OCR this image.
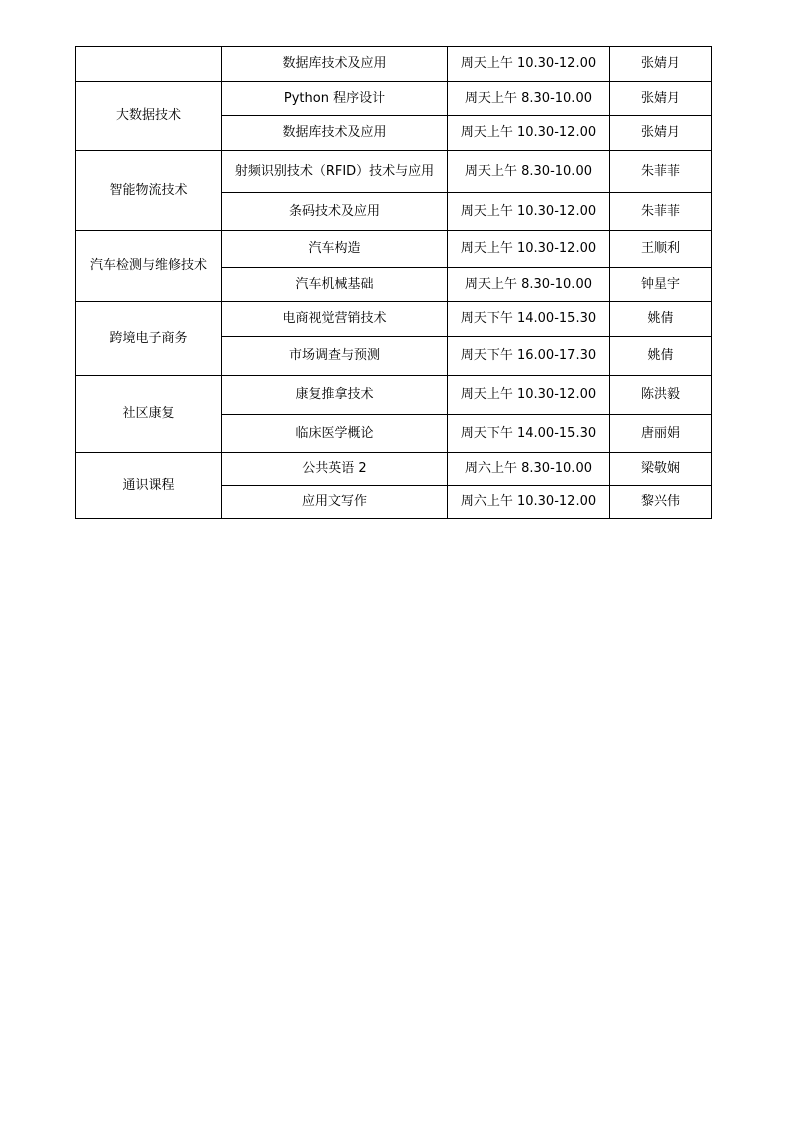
	数据库技术及应用	周天上午 10.30-12.00	张婧月
大数据技术	Python 程序设计	周天上午 8.30-10.00	张婧月
	数据库技术及应用	周天上午 10.30-12.00	张婧月
智能物流技术	射频识别技术（RFID）技术与应用	周天上午 8.30-10.00	朱菲菲
	条码技术及应用	周天上午 10.30-12.00	朱菲菲
汽车检测与维修技术	汽车构造	周天上午 10.30-12.00	王顺利
	汽车机械基础	周天上午 8.30-10.00	钟星宇
跨境电子商务	电商视觉营销技术	周天下午 14.00-15.30	姚倩
	市场调查与预测	周天下午 16.00-17.30	姚倩
社区康复	康复推拿技术	周天上午 10.30-12.00	陈洪毅
	临床医学概论	周天下午 14.00-15.30	唐丽娟
通识课程	公共英语 2	周六上午 8.30-10.00	梁敬娴
	应用文写作	周六上午 10.30-12.00	黎兴伟
